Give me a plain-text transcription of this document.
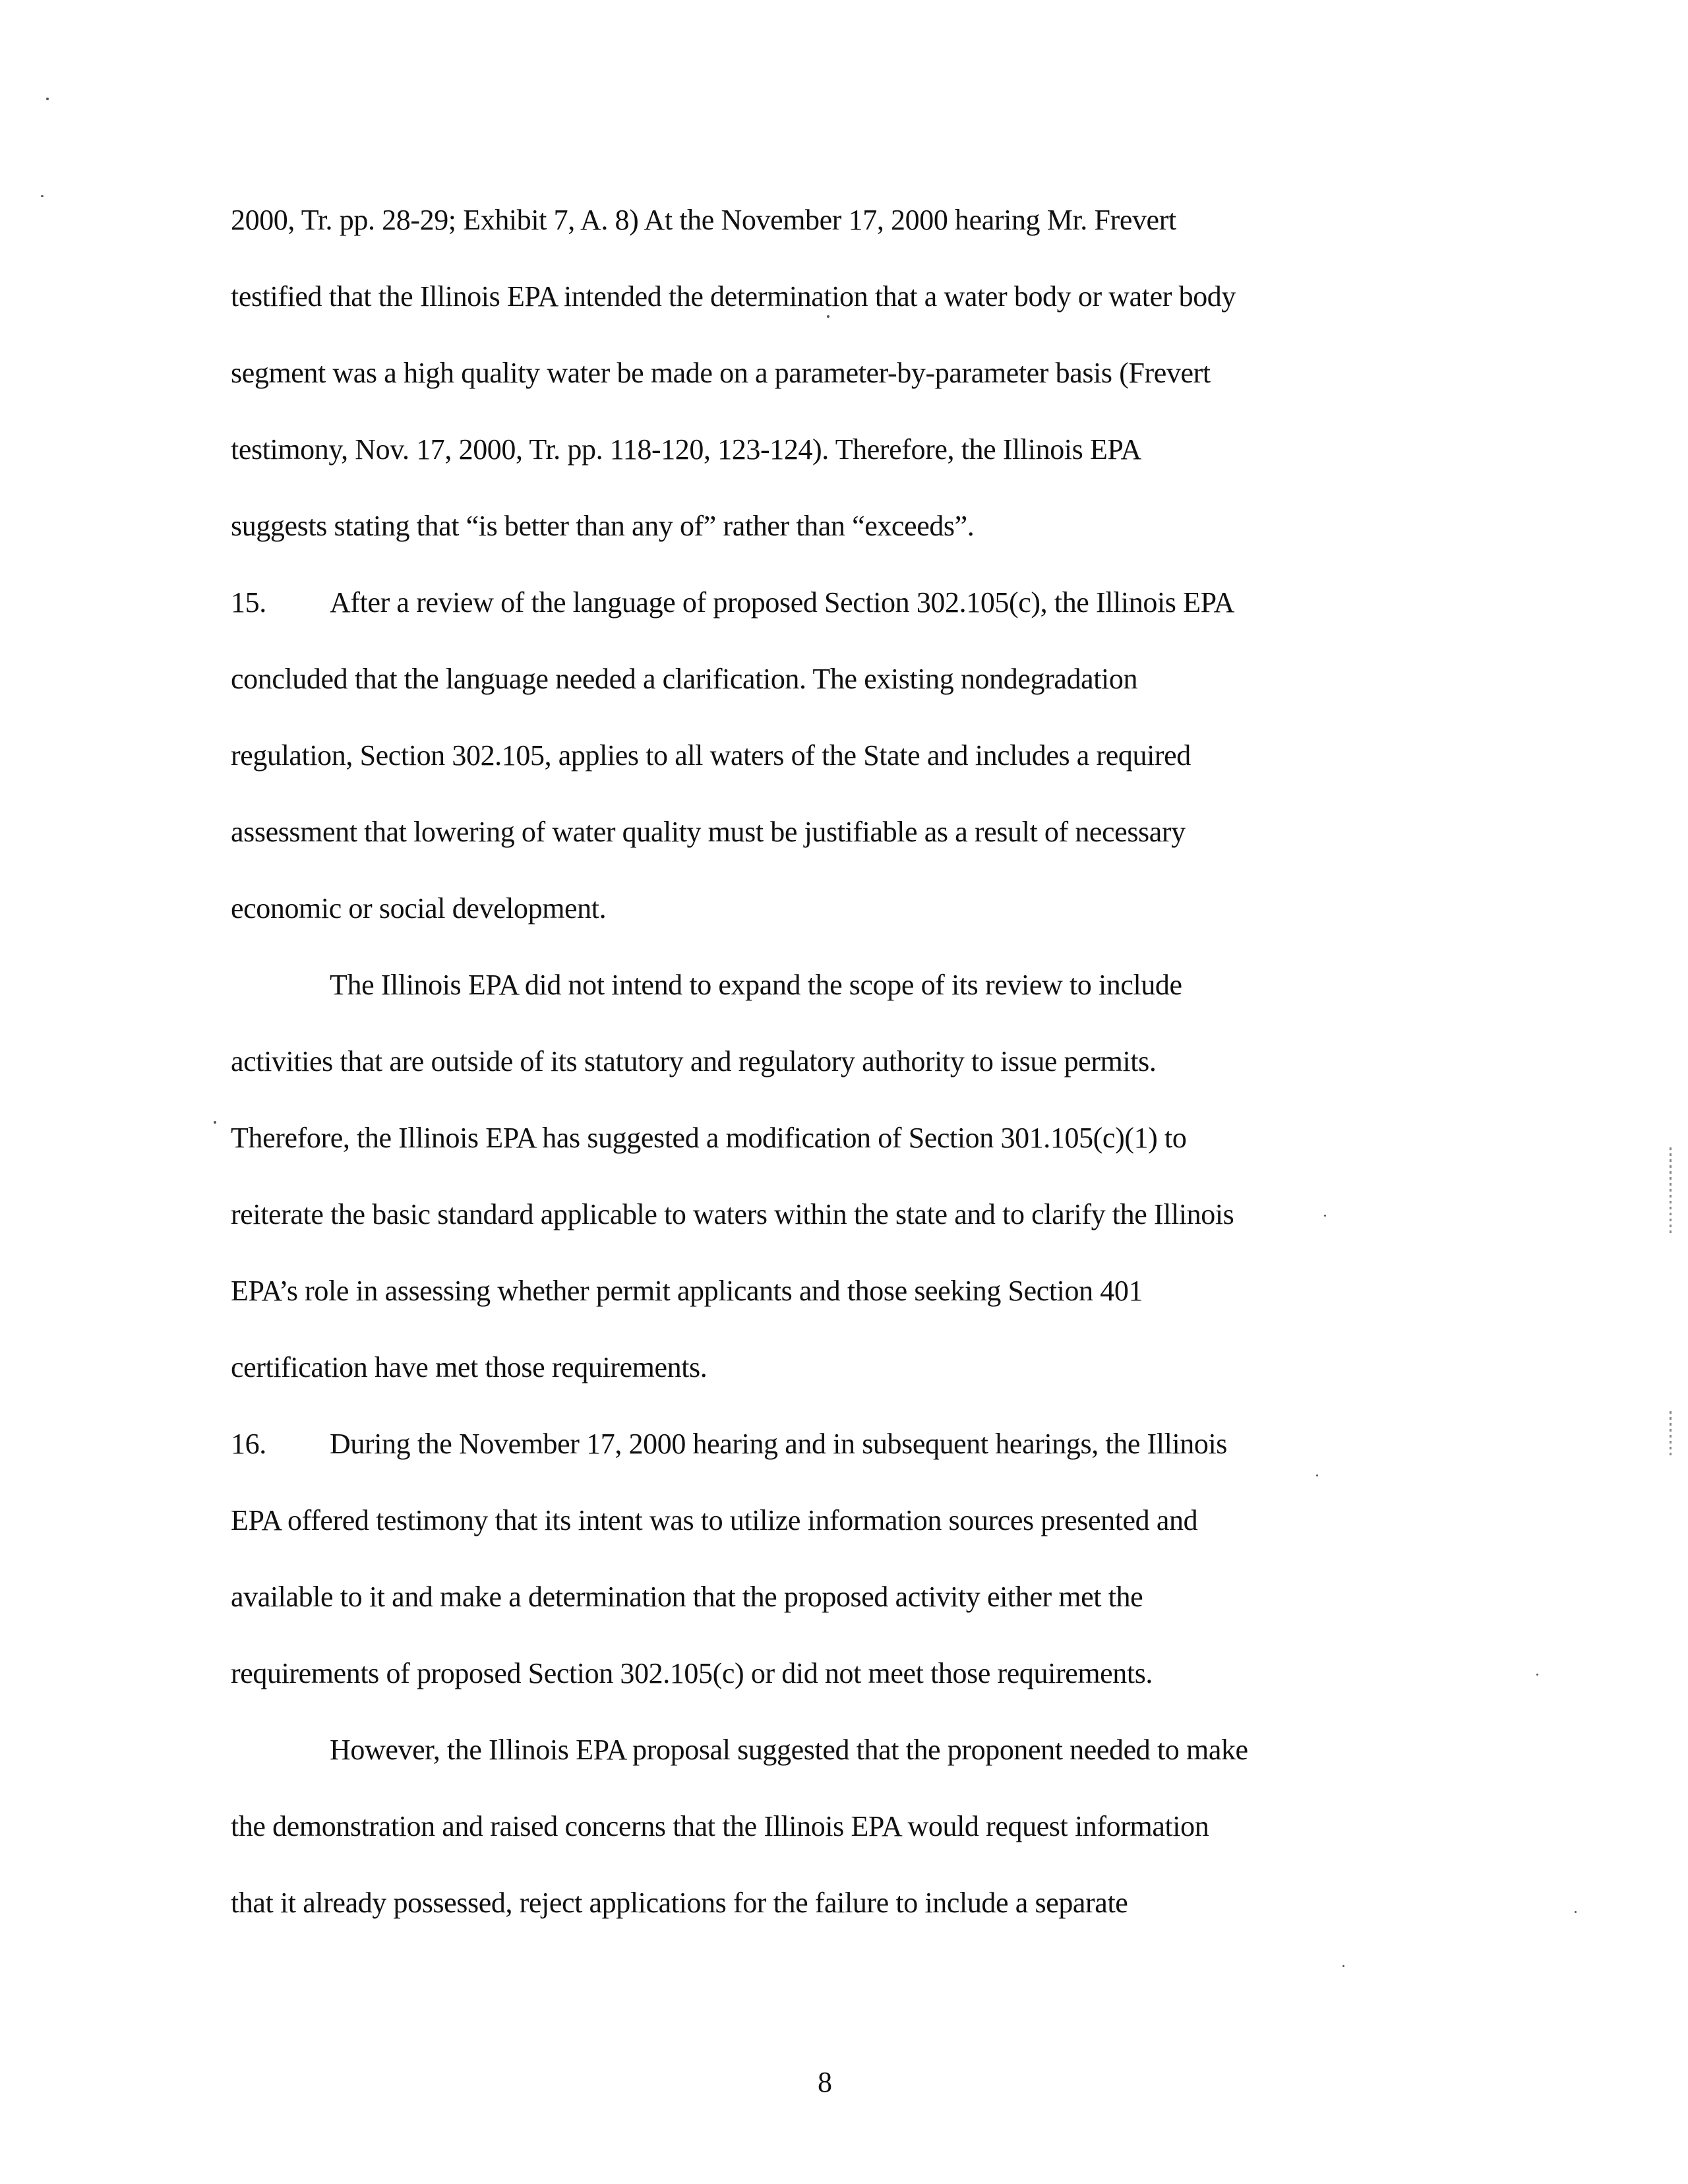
2000, Tr. pp. 28-29; Exhibit 7, A. 8) At the November 17, 2000 hearing Mr. Frevert
testified that the Illinois EPA intended the determination that a water body or water body
segment was a high quality water be made on a parameter-by-parameter basis (Frevert
testimony, Nov. 17, 2000, Tr. pp. 118-120, 123-124). Therefore, the Illinois EPA
suggests stating that “is better than any of” rather than “exceeds”.
15. After a review of the language of proposed Section 302.105(c), the Illinois EPA
concluded that the language needed a clarification. The existing nondegradation
regulation, Section 302.105, applies to all waters of the State and includes a required
assessment that lowering of water quality must be justifiable as a result of necessary
economic or social development.
The Illinois EPA did not intend to expand the scope of its review to include
activities that are outside of its statutory and regulatory authority to issue permits.
Therefore, the Illinois EPA has suggested a modification of Section 301.105(c)(1) to
reiterate the basic standard applicable to waters within the state and to clarify the Illinois
EPA’s role in assessing whether permit applicants and those seeking Section 401
certification have met those requirements.
16. During the November 17, 2000 hearing and in subsequent hearings, the Illinois
EPA offered testimony that its intent was to utilize information sources presented and
available to it and make a determination that the proposed activity either met the
requirements of proposed Section 302.105(c) or did not meet those requirements.
However, the Illinois EPA proposal suggested that the proponent needed to make
the demonstration and raised concerns that the Illinois EPA would request information
that it already possessed, reject applications for the failure to include a separate
8
